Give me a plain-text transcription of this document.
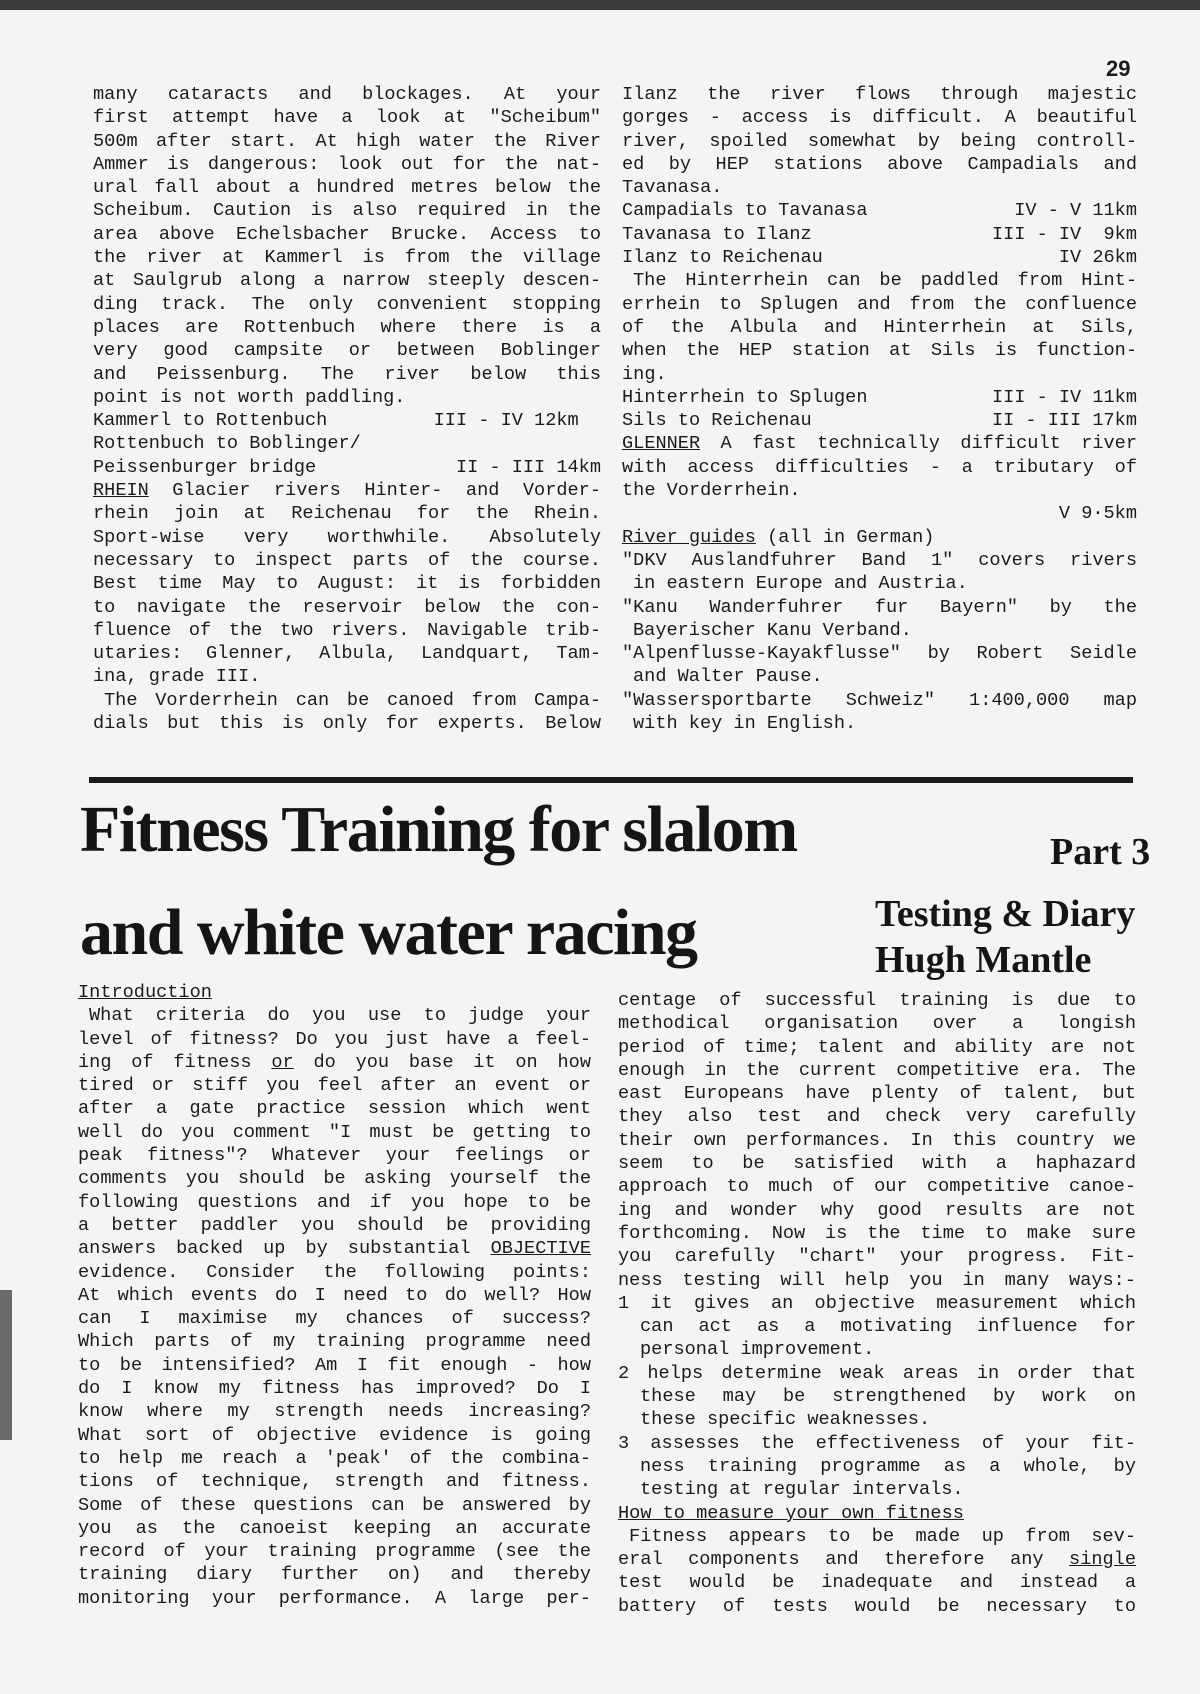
29
many cataracts and blockages. At your
first attempt have a look at "Scheibum"
500m after start. At high water the River
Ammer is dangerous: look out for the nat-
ural fall about a hundred metres below the
Scheibum. Caution is also required in the
area above Echelsbacher Brucke. Access to
the river at Kammerl is from the village
at Saulgrub along a narrow steeply descen-
ding track. The only convenient stopping
places are Rottenbuch where there is a
very good campsite or between Boblinger
and Peissenburg. The river below this
point is not worth paddling.
Kammerl to Rottenbuch	III - IV 12km
Rottenbuch to Boblinger/
Peissenburger bridge	II - III 14km
RHEIN Glacier rivers Hinter- and Vorder-
rhein join at Reichenau for the Rhein.
Sport-wise very worthwhile. Absolutely
necessary to inspect parts of the course.
Best time May to August: it is forbidden
to navigate the reservoir below the con-
fluence of the two rivers. Navigable trib-
utaries: Glenner, Albula, Landquart, Tam-
ina, grade III.
The Vorderrhein can be canoed from Campa-
dials but this is only for experts. Below
Ilanz the river flows through majestic
gorges - access is difficult. A beautiful
river, spoiled somewhat by being controll-
ed by HEP stations above Campadials and
Tavanasa.
Campadials to Tavanasa	IV - V 11km
Tavanasa to Ilanz	III - IV  9km
Ilanz to Reichenau	IV 26km
The Hinterrhein can be paddled from Hint-
errhein to Splugen and from the confluence
of the Albula and Hinterrhein at Sils,
when the HEP station at Sils is function-
ing.
Hinterrhein to Splugen	III - IV 11km
Sils to Reichenau	II - III 17km
GLENNER A fast technically difficult river
with access difficulties - a tributary of
the Vorderrhein.
V 9·5km
River guides (all in German)
"DKV Auslandfuhrer Band 1" covers rivers
in eastern Europe and Austria.
"Kanu Wanderfuhrer fur Bayern" by the
Bayerischer Kanu Verband.
"Alpenflusse-Kayakflusse" by Robert Seidle
and Walter Pause.
"Wassersportbarte Schweiz" 1:400,000 map
with key in English.
Fitness Training for slalom
and white water racing
Part 3
Testing & Diary
Hugh Mantle
Introduction
What criteria do you use to judge your
level of fitness? Do you just have a feel-
ing of fitness or do you base it on how
tired or stiff you feel after an event or
after a gate practice session which went
well do you comment "I must be getting to
peak fitness"? Whatever your feelings or
comments you should be asking yourself the
following questions and if you hope to be
a better paddler you should be providing
answers backed up by substantial OBJECTIVE
evidence. Consider the following points:
At which events do I need to do well? How
can I maximise my chances of success?
Which parts of my training programme need
to be intensified? Am I fit enough - how
do I know my fitness has improved? Do I
know where my strength needs increasing?
What sort of objective evidence is going
to help me reach a 'peak' of the combina-
tions of technique, strength and fitness.
Some of these questions can be answered by
you as the canoeist keeping an accurate
record of your training programme (see the
training diary further on) and thereby
monitoring your performance. A large per-
centage of successful training is due to
methodical organisation over a longish
period of time; talent and ability are not
enough in the current competitive era. The
east Europeans have plenty of talent, but
they also test and check very carefully
their own performances. In this country we
seem to be satisfied with a haphazard
approach to much of our competitive canoe-
ing and wonder why good results are not
forthcoming. Now is the time to make sure
you carefully "chart" your progress. Fit-
ness testing will help you in many ways:-
1 it gives an objective measurement which
can act as a motivating influence for
personal improvement.
2 helps determine weak areas in order that
these may be strengthened by work on
these specific weaknesses.
3 assesses the effectiveness of your fit-
ness training programme as a whole, by
testing at regular intervals.
How to measure your own fitness
Fitness appears to be made up from sev-
eral components and therefore any single
test would be inadequate and instead a
battery of tests would be necessary to
